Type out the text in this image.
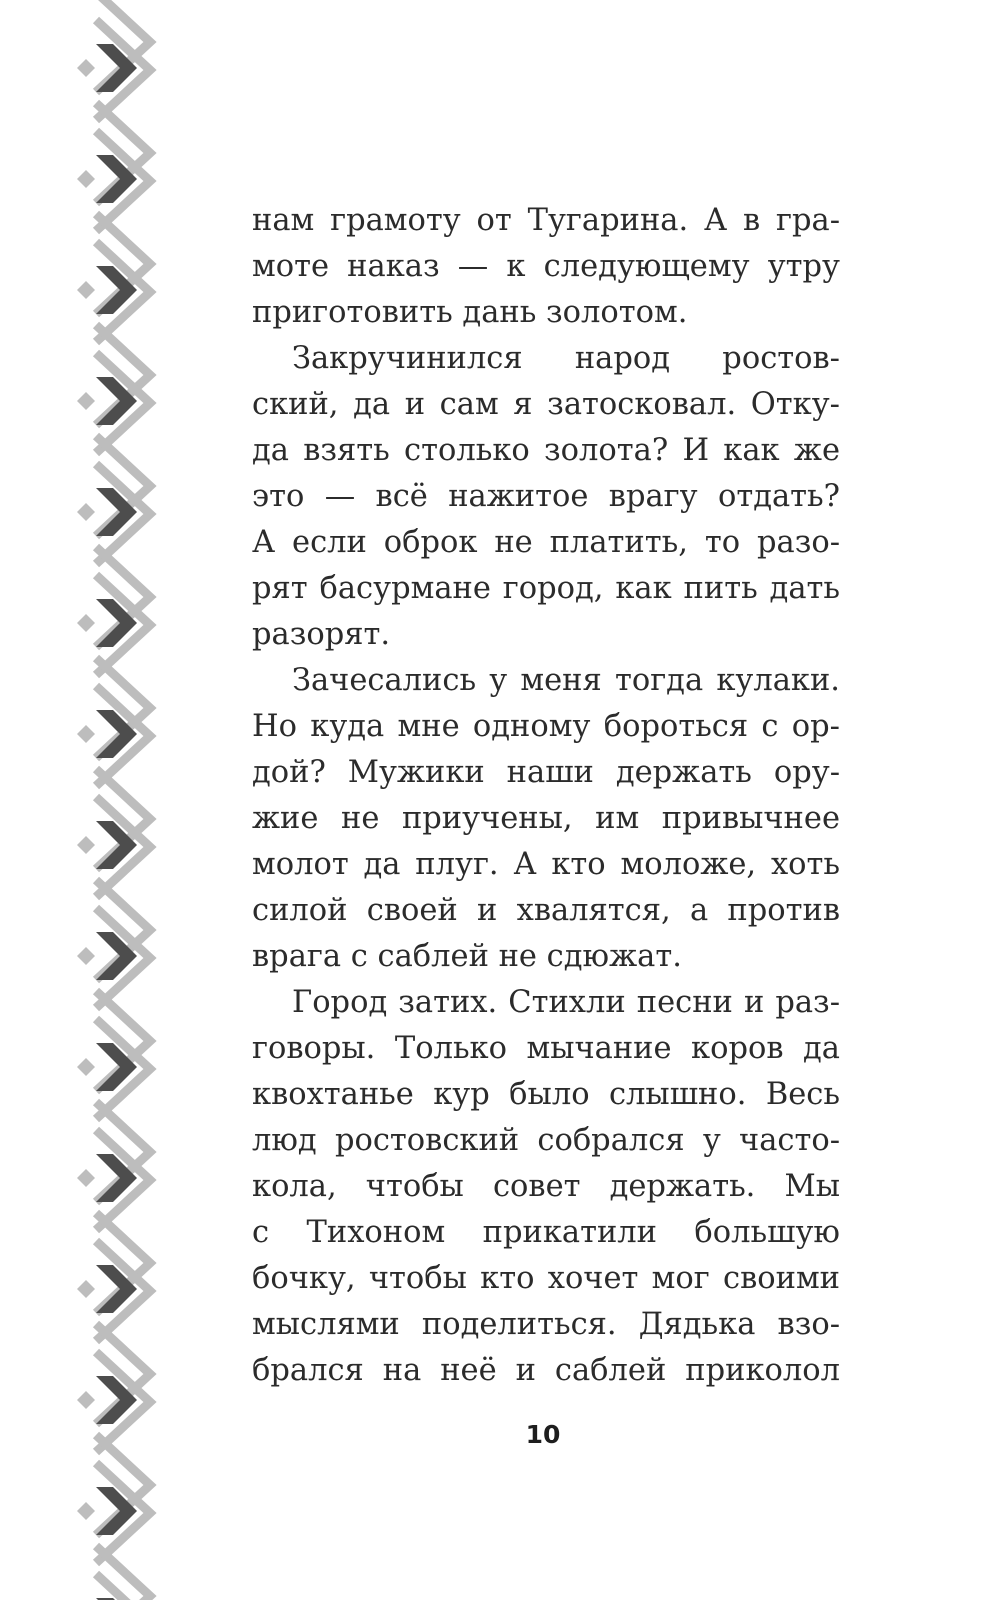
нам грамоту от Тугарина. А в гра-
моте наказ — к следующему утру
приготовить дань золотом.
Закручинился народ ростов-
ский, да и сам я затосковал. Отку-
да взять столько золота? И как же
это — всё нажитое врагу отдать?
А если оброк не платить, то разо-
рят басурмане город, как пить дать
разорят.
Зачесались у меня тогда кулаки.
Но куда мне одному бороться с ор-
дой? Мужики наши держать ору-
жие не приучены, им привычнее
молот да плуг. А кто моложе, хоть
силой своей и хвалятся, а против
врага с саблей не сдюжат.
Город затих. Стихли песни и раз-
говоры. Только мычание коров да
квохтанье кур было слышно. Весь
люд ростовский собрался у часто-
кола, чтобы совет держать. Мы
с Тихоном прикатили большую
бочку, чтобы кто хочет мог своими
мыслями поделиться. Дядька взо-
брался на неё и саблей приколол
10
